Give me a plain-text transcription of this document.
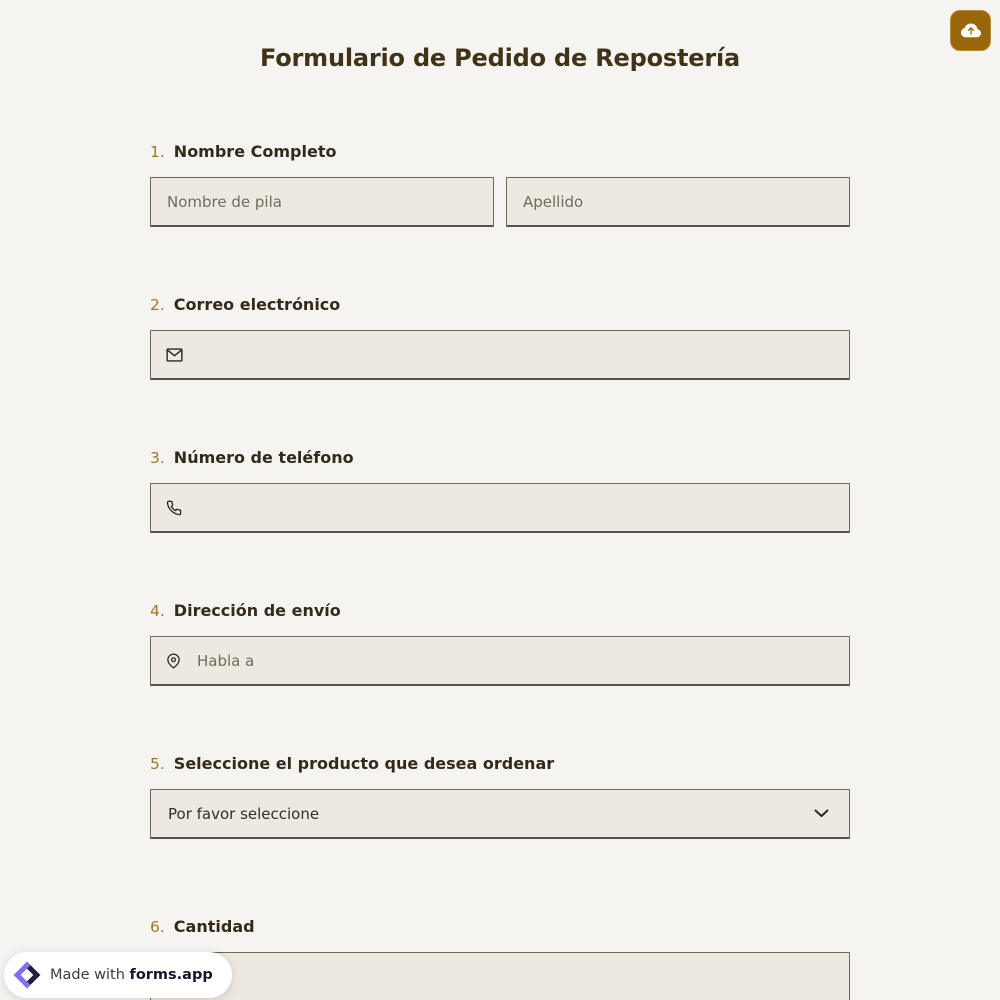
Formulario de Pedido de Repostería
1. Nombre Completo
Nombre de pila
Apellido
2. Correo electrónico
3. Número de teléfono
4. Dirección de envío
Habla a
5. Seleccione el producto que desea ordenar
Por favor seleccione
6. Cantidad
Made with forms.app
